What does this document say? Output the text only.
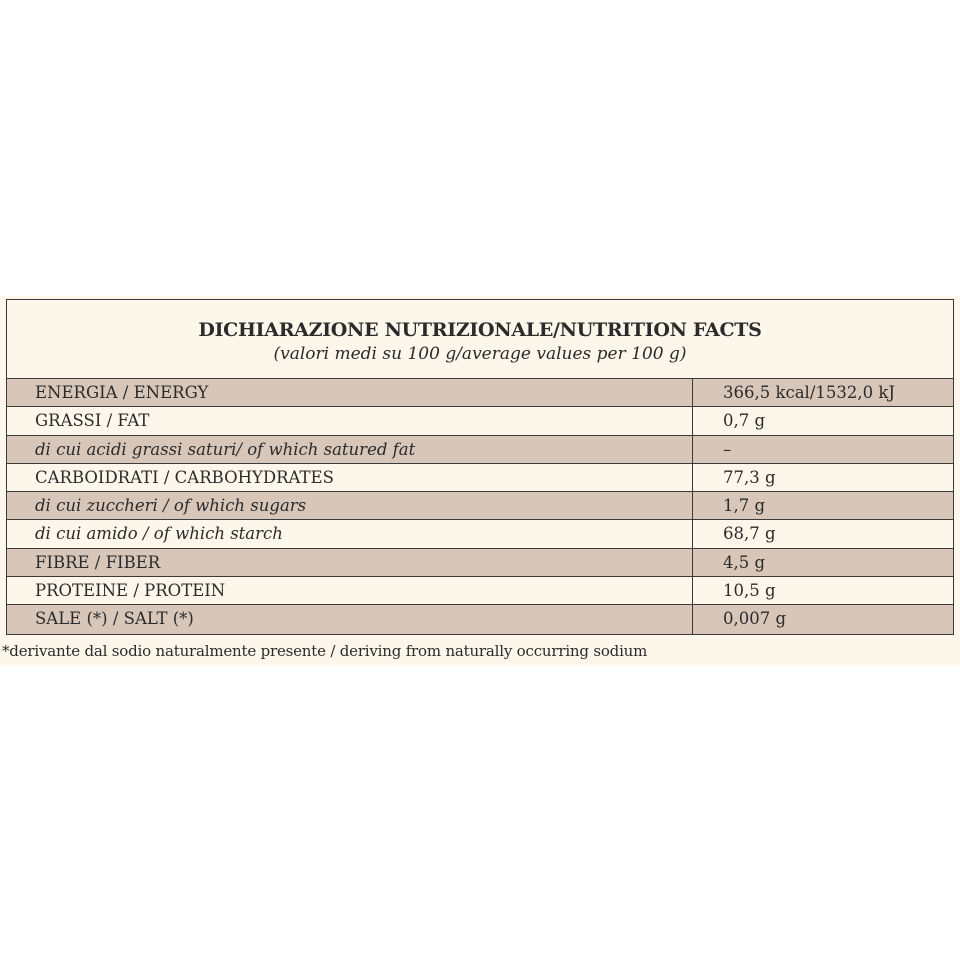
DICHIARAZIONE NUTRIZIONALE/NUTRITION FACTS
(valori medi su 100 g/average values per 100 g)
ENERGIA / ENERGY	366,5 kcal/1532,0 kJ
GRASSI / FAT	0,7 g
di cui acidi grassi saturi/ of which satured fat	–
CARBOIDRATI / CARBOHYDRATES	77,3 g
di cui zuccheri / of which sugars	1,7 g
di cui amido / of which starch	68,7 g
FIBRE / FIBER	4,5 g
PROTEINE / PROTEIN	10,5 g
SALE (*) / SALT (*)	0,007 g
*derivante dal sodio naturalmente presente / deriving from naturally occurring sodium
